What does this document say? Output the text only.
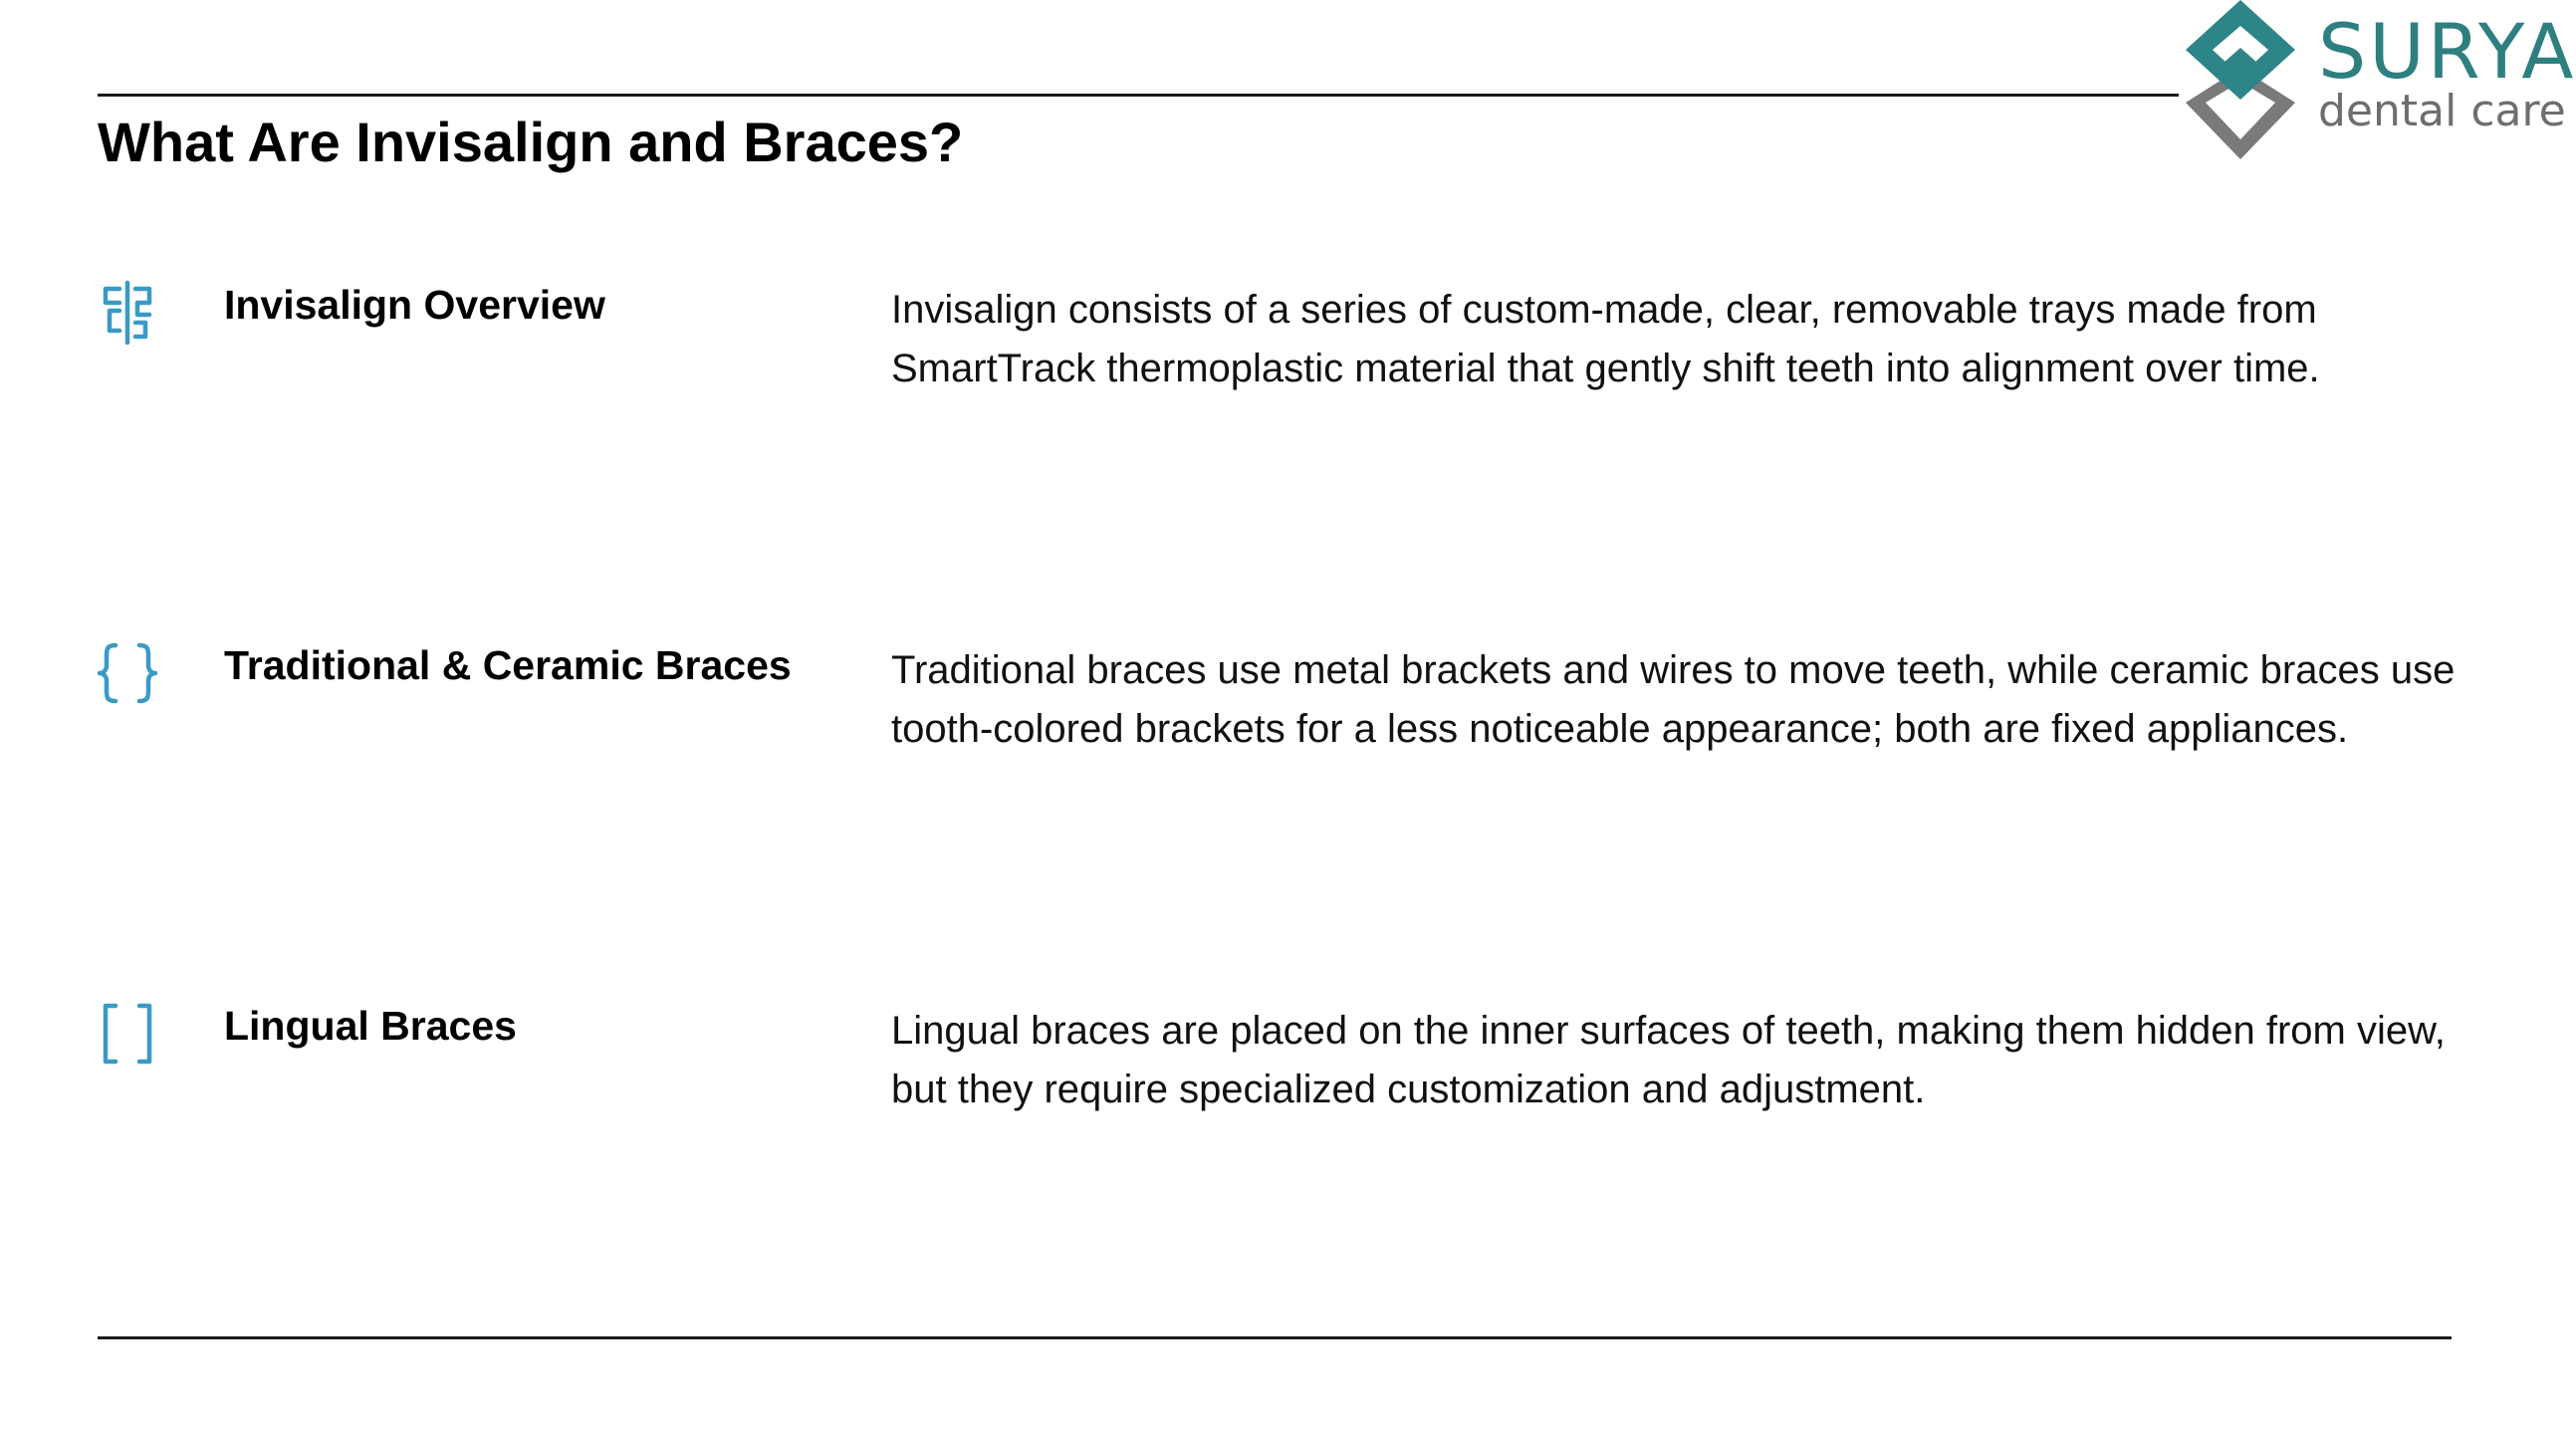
SURYA
dental care
What Are Invisalign and Braces?
Invisalign Overview	Invisalign consists of a series of custom-made, clear, removable trays made from SmartTrack thermoplastic material that gently shift teeth into alignment over time.
Traditional & Ceramic Braces	Traditional braces use metal brackets and wires to move teeth, while ceramic braces use tooth-colored brackets for a less noticeable appearance; both are fixed appliances.
Lingual Braces	Lingual braces are placed on the inner surfaces of teeth, making them hidden from view, but they require specialized customization and adjustment.
